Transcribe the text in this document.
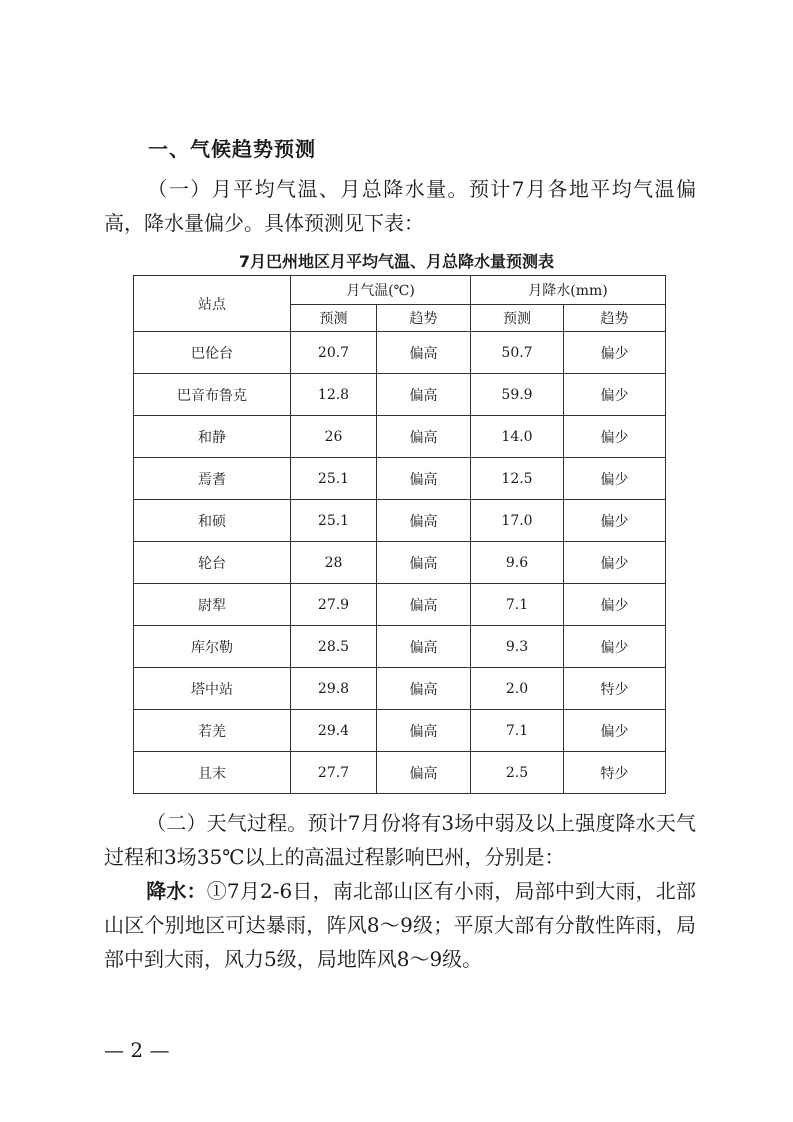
一、气候趋势预测

（一）月平均气温、月总降水量。预计7月各地平均气温偏高，降水量偏少。具体预测见下表：

7月巴州地区月平均气温、月总降水量预测表

站点	月气温(℃)		月降水(mm)	
	预测	趋势	预测	趋势
巴伦台	20.7	偏高	50.7	偏少
巴音布鲁克	12.8	偏高	59.9	偏少
和静	26	偏高	14.0	偏少
焉耆	25.1	偏高	12.5	偏少
和硕	25.1	偏高	17.0	偏少
轮台	28	偏高	9.6	偏少
尉犁	27.9	偏高	7.1	偏少
库尔勒	28.5	偏高	9.3	偏少
塔中站	29.8	偏高	2.0	特少
若羌	29.4	偏高	7.1	偏少
且末	27.7	偏高	2.5	特少

（二）天气过程。预计7月份将有3场中弱及以上强度降水天气过程和3场35℃以上的高温过程影响巴州，分别是：

降水：①7月2-6日，南北部山区有小雨，局部中到大雨，北部山区个别地区可达暴雨，阵风8～9级；平原大部有分散性阵雨，局部中到大雨，风力5级，局地阵风8～9级。

— 2 —
